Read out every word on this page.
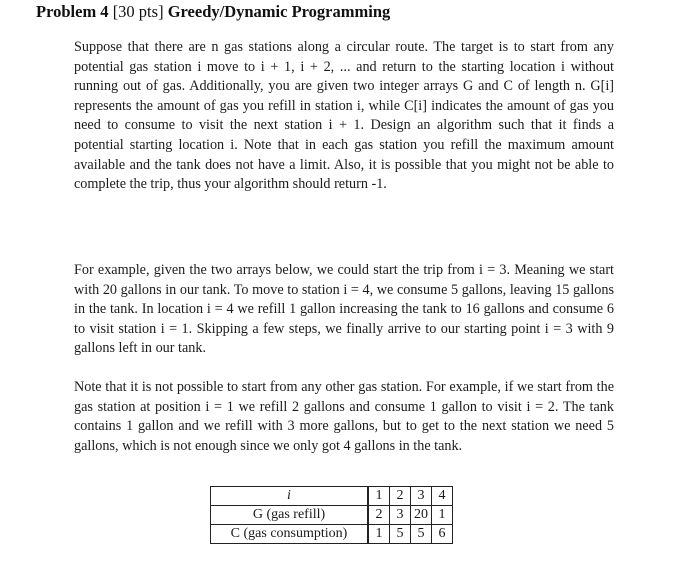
Problem 4 [30 pts] Greedy/Dynamic Programming

Suppose that there are n gas stations along a circular route. The target is to start from any potential gas station i move to i + 1, i + 2, ... and return to the starting location i without running out of gas. Additionally, you are given two integer arrays G and C of length n. G[i] represents the amount of gas you refill in station i, while C[i] indicates the amount of gas you need to consume to visit the next station i + 1. Design an algorithm such that it finds a potential starting location i. Note that in each gas station you refill the maximum amount available and the tank does not have a limit. Also, it is possible that you might not be able to complete the trip, thus your algorithm should return -1.

For example, given the two arrays below, we could start the trip from i = 3. Meaning we start with 20 gallons in our tank. To move to station i = 4, we consume 5 gallons, leaving 15 gallons in the tank. In location i = 4 we refill 1 gallon increasing the tank to 16 gallons and consume 6 to visit station i = 1. Skipping a few steps, we finally arrive to our starting point i = 3 with 9 gallons left in our tank.

Note that it is not possible to start from any other gas station. For example, if we start from the gas station at position i = 1 we refill 2 gallons and consume 1 gallon to visit i = 2. The tank contains 1 gallon and we refill with 3 more gallons, but to get to the next station we need 5 gallons, which is not enough since we only got 4 gallons in the tank.

i	1	2	3	4
G (gas refill)	2	3	20	1
C (gas consumption)	1	5	5	6
